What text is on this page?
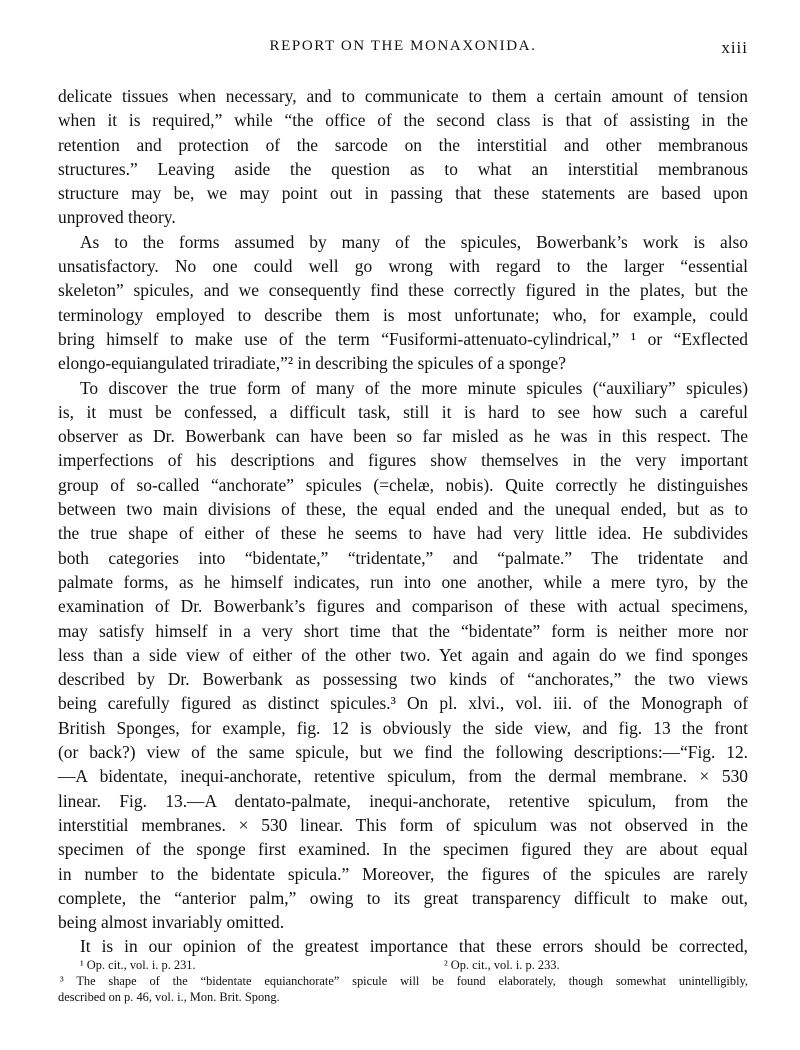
REPORT ON THE MONAXONIDA.	xiii
delicate tissues when necessary, and to communicate to them a certain amount of tension
when it is required,” while “the office of the second class is that of assisting in the
retention and protection of the sarcode on the interstitial and other membranous
structures.” Leaving aside the question as to what an interstitial membranous
structure may be, we may point out in passing that these statements are based upon
unproved theory.
As to the forms assumed by many of the spicules, Bowerbank’s work is also
unsatisfactory. No one could well go wrong with regard to the larger “essential
skeleton” spicules, and we consequently find these correctly figured in the plates, but the
terminology employed to describe them is most unfortunate; who, for example, could
bring himself to make use of the term “Fusiformi-attenuato-cylindrical,” ¹ or “Exflected
elongo-equiangulated triradiate,”² in describing the spicules of a sponge?
To discover the true form of many of the more minute spicules (“auxiliary” spicules)
is, it must be confessed, a difficult task, still it is hard to see how such a careful
observer as Dr. Bowerbank can have been so far misled as he was in this respect. The
imperfections of his descriptions and figures show themselves in the very important
group of so-called “anchorate” spicules (=chelæ, nobis). Quite correctly he distinguishes
between two main divisions of these, the equal ended and the unequal ended, but as to
the true shape of either of these he seems to have had very little idea. He subdivides
both categories into “bidentate,” “tridentate,” and “palmate.” The tridentate and
palmate forms, as he himself indicates, run into one another, while a mere tyro, by the
examination of Dr. Bowerbank’s figures and comparison of these with actual specimens,
may satisfy himself in a very short time that the “bidentate” form is neither more nor
less than a side view of either of the other two. Yet again and again do we find sponges
described by Dr. Bowerbank as possessing two kinds of “anchorates,” the two views
being carefully figured as distinct spicules.³ On pl. xlvi., vol. iii. of the Monograph of
British Sponges, for example, fig. 12 is obviously the side view, and fig. 13 the front
(or back?) view of the same spicule, but we find the following descriptions:—“Fig. 12.
—A bidentate, inequi-anchorate, retentive spiculum, from the dermal membrane. × 530
linear. Fig. 13.—A dentato-palmate, inequi-anchorate, retentive spiculum, from the
interstitial membranes. × 530 linear. This form of spiculum was not observed in the
specimen of the sponge first examined. In the specimen figured they are about equal
in number to the bidentate spicula.” Moreover, the figures of the spicules are rarely
complete, the “anterior palm,” owing to its great transparency difficult to make out,
being almost invariably omitted.
It is in our opinion of the greatest importance that these errors should be corrected,
¹ Op. cit., vol. i. p. 231.	² Op. cit., vol. i. p. 233.
³ The shape of the “bidentate equianchorate” spicule will be found elaborately, though somewhat unintelligibly,
described on p. 46, vol. i., Mon. Brit. Spong.
